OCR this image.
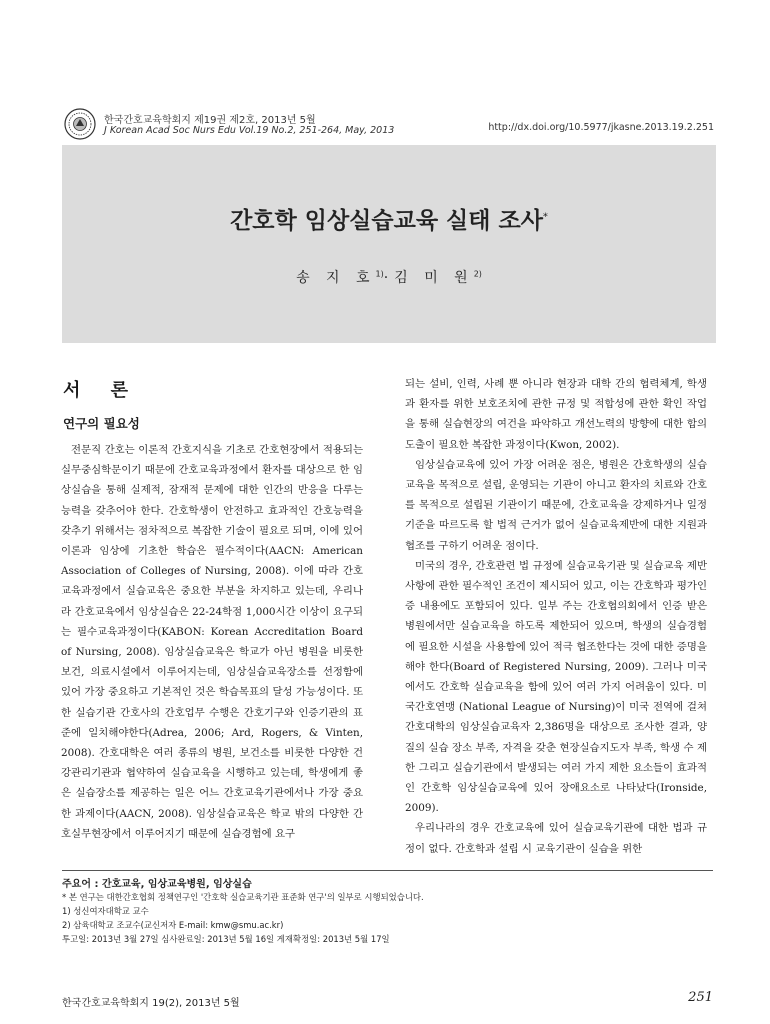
한국간호교육학회지 제19권 제2호, 2013년 5월
J Korean Acad Soc Nurs Edu Vol.19 No.2, 251-264, May, 2013	http://dx.doi.org/10.5977/jkasne.2013.19.2.251
간호학 임상실습교육 실태 조사*
송 지 호$^{1)}$·김 미 원$^{2)}$
서 론
연구의 필요성

전문직 간호는 이론적 간호지식을 기초로 간호현장에서 적용되는 실무중심학문이기 때문에 간호교육과정에서 환자를 대상으로 한 임상실습을 통해 실제적, 잠재적 문제에 대한 인간의 반응을 다루는 능력을 갖추어야 한다. 간호학생이 안전하고 효과적인 간호능력을 갖추기 위해서는 점차적으로 복잡한 기술이 필요로 되며, 이에 있어 이론과 임상에 기초한 학습은 필수적이다(AACN: American Association of Colleges of Nursing, 2008). 이에 따라 간호교육과정에서 실습교육은 중요한 부분을 차지하고 있는데, 우리나라 간호교육에서 임상실습은 22-24학점 1,000시간 이상이 요구되는 필수교육과정이다(KABON: Korean Accreditation Board of Nursing, 2008). 임상실습교육은 학교가 아닌 병원을 비롯한 보건, 의료시설에서 이루어지는데, 임상실습교육장소를 선정함에 있어 가장 중요하고 기본적인 것은 학습목표의 달성 가능성이다. 또한 실습기관 간호사의 간호업무 수행은 간호기구와 인증기관의 표준에 일치해야한다(Adrea, 2006; Ard, Rogers, & Vinten, 2008). 간호대학은 여러 종류의 병원, 보건소를 비롯한 다양한 건강관리기관과 협약하여 실습교육을 시행하고 있는데, 학생에게 좋은 실습장소를 제공하는 일은 어느 간호교육기관에서나 가장 중요한 과제이다(AACN, 2008). 임상실습교육은 학교 밖의 다양한 간호실무현장에서 이루어지기 때문에 실습경험에 요구

되는 설비, 인력, 사례 뿐 아니라 현장과 대학 간의 협력체계, 학생과 환자를 위한 보호조치에 관한 규정 및 적합성에 관한 확인 작업을 통해 실습현장의 여건을 파악하고 개선노력의 방향에 대한 합의 도출이 필요한 복잡한 과정이다(Kwon, 2002).

임상실습교육에 있어 가장 어려운 점은, 병원은 간호학생의 실습교육을 목적으로 설립, 운영되는 기관이 아니고 환자의 치료와 간호를 목적으로 설립된 기관이기 때문에, 간호교육을 강제하거나 일정 기준을 따르도록 할 법적 근거가 없어 실습교육제반에 대한 지원과 협조를 구하기 어려운 점이다.

미국의 경우, 간호관련 법 규정에 실습교육기관 및 실습교육 제반사항에 관한 필수적인 조건이 제시되어 있고, 이는 간호학과 평가인증 내용에도 포함되어 있다. 일부 주는 간호협의회에서 인증 받은 병원에서만 실습교육을 하도록 제한되어 있으며, 학생의 실습경험에 필요한 시설을 사용함에 있어 적극 협조한다는 것에 대한 증명을 해야 한다(Board of Registered Nursing, 2009). 그러나 미국에서도 간호학 실습교육을 함에 있어 여러 가지 어려움이 있다. 미국간호연맹 (National League of Nursing)이 미국 전역에 걸쳐 간호대학의 임상실습교육자 2,386명을 대상으로 조사한 결과, 양질의 실습 장소 부족, 자격을 갖춘 현장실습지도자 부족, 학생 수 제한 그리고 실습기관에서 발생되는 여러 가지 제한 요소들이 효과적인 간호학 임상실습교육에 있어 장애요소로 나타났다(Ironside, 2009).

우리나라의 경우 간호교육에 있어 실습교육기관에 대한 법과 규정이 없다. 간호학과 설립 시 교육기관이 실습을 위한

주요어 : 간호교육, 임상교육병원, 임상실습
* 본 연구는 대한간호협회 정책연구인 '간호학 실습교육기관 표준화 연구'의 일부로 시행되었습니다.
1) 성신여자대학교 교수
2) 삼육대학교 조교수(교신저자 E-mail: kmw@smu.ac.kr)
투고일: 2013년 3월 27일 심사완료일: 2013년 5월 16일 게재확정일: 2013년 5월 17일
한국간호교육학회지 19(2), 2013년 5월	251
